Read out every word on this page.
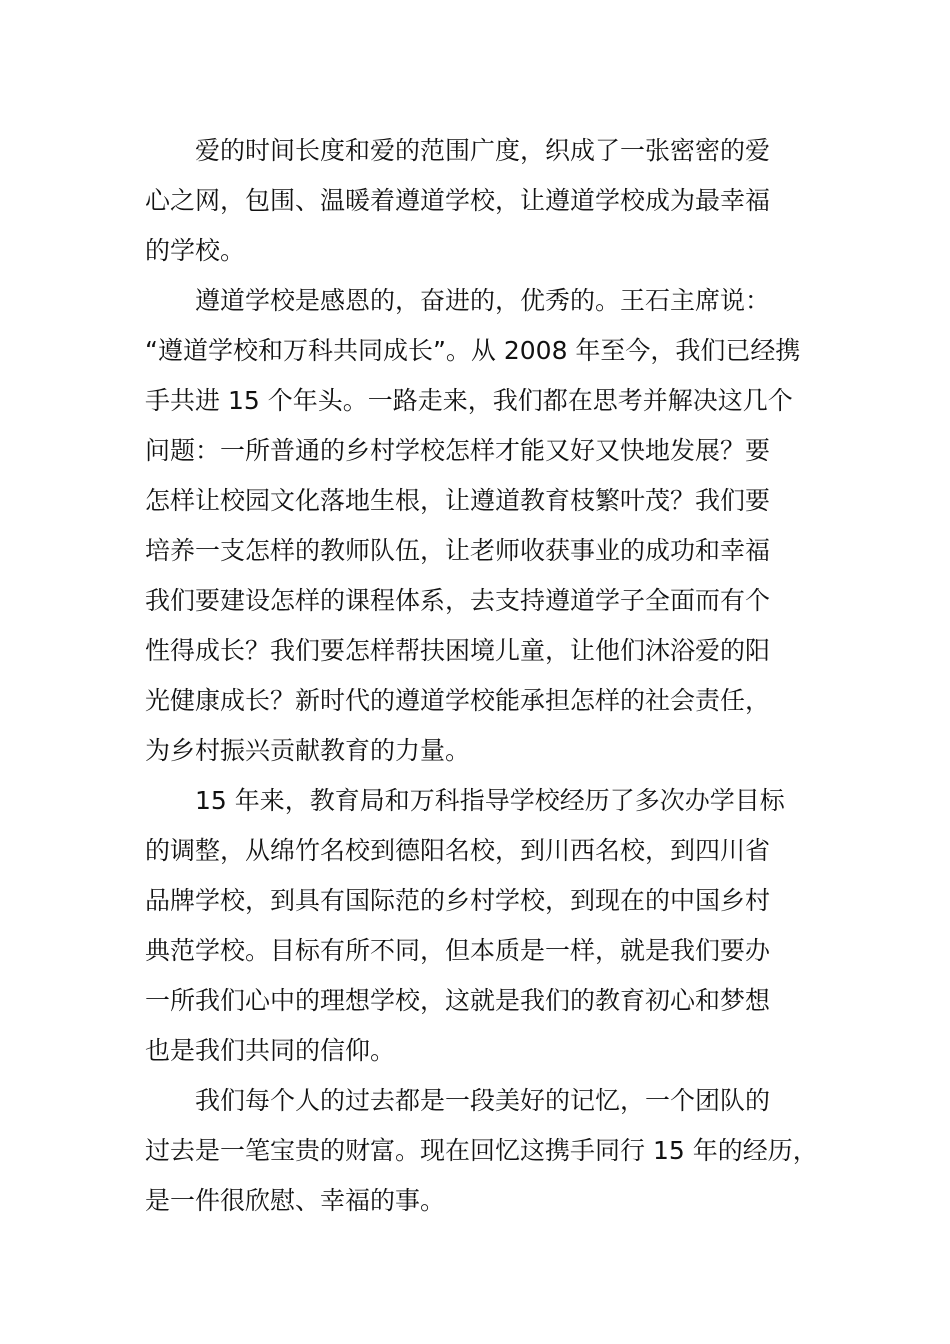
爱的时间长度和爱的范围广度，织成了一张密密的爱
心之网，包围、温暖着遵道学校，让遵道学校成为最幸福
的学校。
遵道学校是感恩的，奋进的，优秀的。王石主席说：
“遵道学校和万科共同成长”。从 2008 年至今，我们已经携
手共进 15 个年头。一路走来，我们都在思考并解决这几个
问题：一所普通的乡村学校怎样才能又好又快地发展？要
怎样让校园文化落地生根，让遵道教育枝繁叶茂？我们要
培养一支怎样的教师队伍，让老师收获事业的成功和幸福
我们要建设怎样的课程体系，去支持遵道学子全面而有个
性得成长？我们要怎样帮扶困境儿童，让他们沐浴爱的阳
光健康成长？新时代的遵道学校能承担怎样的社会责任，
为乡村振兴贡献教育的力量。
15 年来，教育局和万科指导学校经历了多次办学目标
的调整，从绵竹名校到德阳名校，到川西名校，到四川省
品牌学校，到具有国际范的乡村学校，到现在的中国乡村
典范学校。目标有所不同，但本质是一样，就是我们要办
一所我们心中的理想学校，这就是我们的教育初心和梦想
也是我们共同的信仰。
我们每个人的过去都是一段美好的记忆，一个团队的
过去是一笔宝贵的财富。现在回忆这携手同行 15 年的经历，
是一件很欣慰、幸福的事。
